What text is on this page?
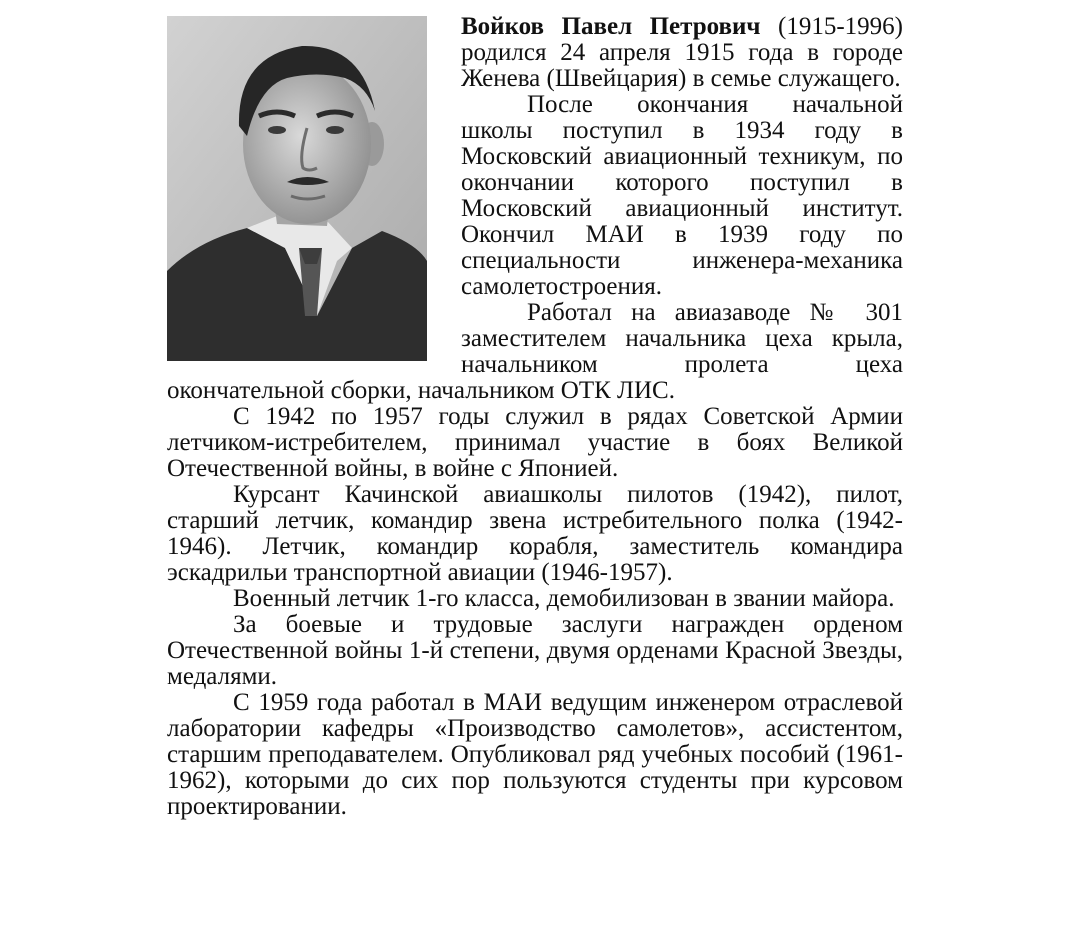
Войков Павел Петрович (1915-1996) родился 24 апреля 1915 года в городе Женева (Швейцария) в семье служащего.

После окончания начальной школы поступил в 1934 году в Московский авиационный техникум, по окончании которого поступил в Московский авиационный институт. Окончил МАИ в 1939 году по специальности инженера-механика самолетостроения.

Работал на авиазаводе № 301 заместителем начальника цеха крыла, начальником пролета цеха окончательной сборки, начальником ОТК ЛИС.

С 1942 по 1957 годы служил в рядах Советской Армии летчиком-истребителем, принимал участие в боях Великой Отечественной войны, в войне с Японией.

Курсант Качинской авиашколы пилотов (1942), пилот, старший летчик, командир звена истребительного полка (1942-1946). Летчик, командир корабля, заместитель командира эскадрильи транспортной авиации (1946-1957).

Военный летчик 1-го класса, демобилизован в звании майора.

За боевые и трудовые заслуги награжден орденом Отечественной войны 1-й степени, двумя орденами Красной Звезды, медалями.

С 1959 года работал в МАИ ведущим инженером отраслевой лаборатории кафедры «Производство самолетов», ассистентом, старшим преподавателем. Опубликовал ряд учебных пособий (1961-1962), которыми до сих пор пользуются студенты при курсовом проектировании.
